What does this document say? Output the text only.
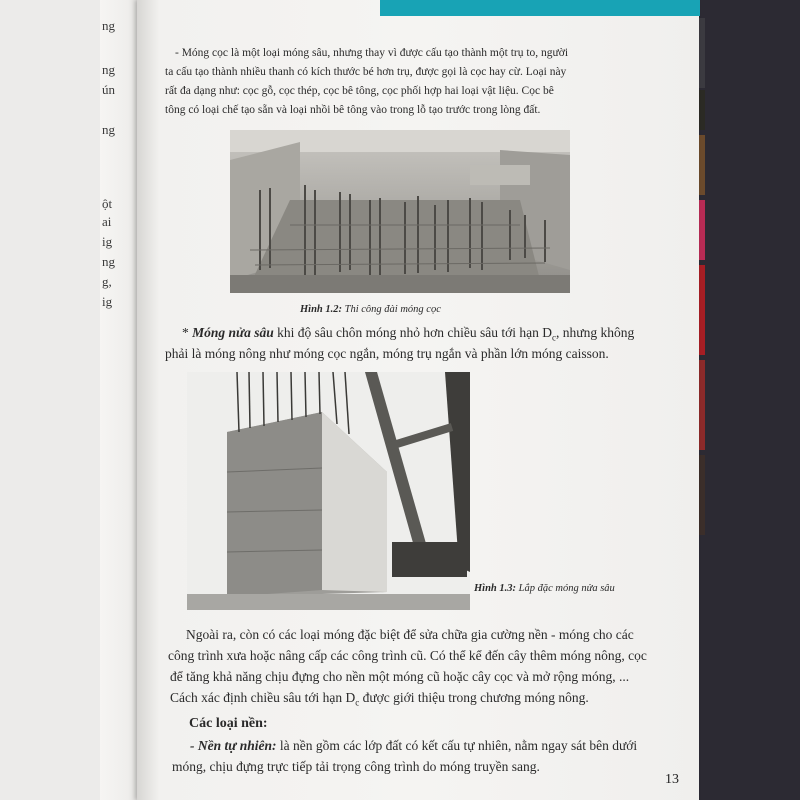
ng
ng
ún
ng
ột
ai
ig
ng
g,
ig
- Móng cọc là một loại móng sâu, nhưng thay vì được cấu tạo thành một trụ to, người
ta cấu tạo thành nhiều thanh có kích thước bé hơn trụ, được gọi là cọc hay cừ. Loại này
rất đa dạng như: cọc gỗ, cọc thép, cọc bê tông, cọc phối hợp hai loại vật liệu. Cọc bê
tông có loại chế tạo sẵn và loại nhồi bê tông vào trong lỗ tạo trước trong lòng đất.
Hình 1.2: Thi công đài móng cọc
* Móng nửa sâu khi độ sâu chôn móng nhỏ hơn chiều sâu tới hạn $D_c$, nhưng không
phải là móng nông như móng cọc ngắn, móng trụ ngắn và phần lớn móng caisson.
Hình 1.3: Lắp đặc móng nửa sâu
Ngoài ra, còn có các loại móng đặc biệt để sửa chữa gia cường nền - móng cho các
công trình xưa hoặc nâng cấp các công trình cũ. Có thể kể đến cây thêm móng nông, cọc
để tăng khả năng chịu đựng cho nền một móng cũ hoặc cây cọc và mở rộng móng, ...
Cách xác định chiều sâu tới hạn $D_c$ được giới thiệu trong chương móng nông.
Các loại nền:
- Nền tự nhiên: là nền gồm các lớp đất có kết cấu tự nhiên, nằm ngay sát bên dưới
móng, chịu đựng trực tiếp tải trọng công trình do móng truyền sang.
13
